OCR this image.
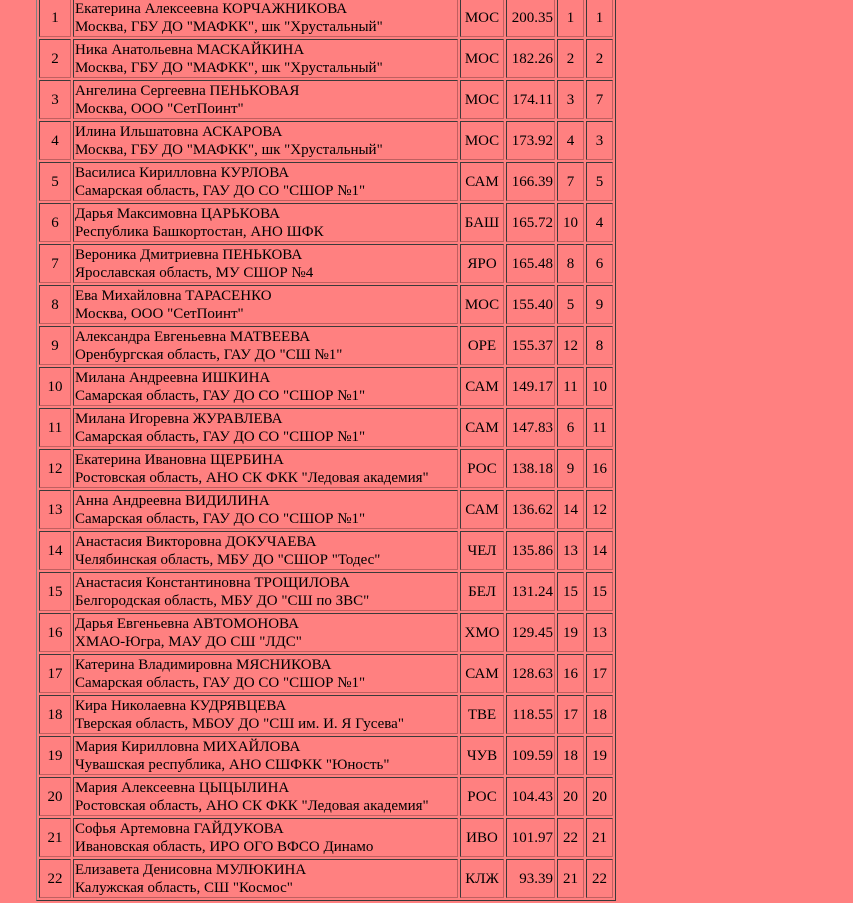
1	Екатерина Алексеевна КОРЧАЖНИКОВА
Москва, ГБУ ДО "МАФКК", шк "Хрустальный"	МОС	200.35	1	1
2	Ника Анатольевна МАСКАЙКИНА
Москва, ГБУ ДО "МАФКК", шк "Хрустальный"	МОС	182.26	2	2
3	Ангелина Сергеевна ПЕНЬКОВАЯ
Москва, ООО "СетПоинт"	МОС	174.11	3	7
4	Илина Ильшатовна АСКАРОВА
Москва, ГБУ ДО "МАФКК", шк "Хрустальный"	МОС	173.92	4	3
5	Василиса Кирилловна КУРЛОВА
Самарская область, ГАУ ДО СО "СШОР №1"	САМ	166.39	7	5
6	Дарья Максимовна ЦАРЬКОВА
Республика Башкортостан, АНО ШФК	БАШ	165.72	10	4
7	Вероника Дмитриевна ПЕНЬКОВА
Ярославская область, МУ СШОР №4	ЯРО	165.48	8	6
8	Ева Михайловна ТАРАСЕНКО
Москва, ООО "СетПоинт"	МОС	155.40	5	9
9	Александра Евгеньевна МАТВЕЕВА
Оренбургская область, ГАУ ДО "СШ №1"	ОРЕ	155.37	12	8
10	Милана Андреевна ИШКИНА
Самарская область, ГАУ ДО СО "СШОР №1"	САМ	149.17	11	10
11	Милана Игоревна ЖУРАВЛЕВА
Самарская область, ГАУ ДО СО "СШОР №1"	САМ	147.83	6	11
12	Екатерина Ивановна ЩЕРБИНА
Ростовская область, АНО СК ФКК "Ледовая академия"	РОС	138.18	9	16
13	Анна Андреевна ВИДИЛИНА
Самарская область, ГАУ ДО СО "СШОР №1"	САМ	136.62	14	12
14	Анастасия Викторовна ДОКУЧАЕВА
Челябинская область, МБУ ДО "СШОР "Тодес"	ЧЕЛ	135.86	13	14
15	Анастасия Константиновна ТРОЩИЛОВА
Белгородская область, МБУ ДО "СШ по ЗВС"	БЕЛ	131.24	15	15
16	Дарья Евгеньевна АВТОМОНОВА
ХМАО-Югра, МАУ ДО СШ "ЛДС"	ХМО	129.45	19	13
17	Катерина Владимировна МЯСНИКОВА
Самарская область, ГАУ ДО СО "СШОР №1"	САМ	128.63	16	17
18	Кира Николаевна КУДРЯВЦЕВА
Тверская область, МБОУ ДО "СШ им. И. Я Гусева"	ТВЕ	118.55	17	18
19	Мария Кирилловна МИХАЙЛОВА
Чувашская республика, АНО СШФКК "Юность"	ЧУВ	109.59	18	19
20	Мария Алексеевна ЦЫЦЫЛИНА
Ростовская область, АНО СК ФКК "Ледовая академия"	РОС	104.43	20	20
21	Софья Артемовна ГАЙДУКОВА
Ивановская область, ИРО ОГО ВФСО Динамо	ИВО	101.97	22	21
22	Елизавета Денисовна МУЛЮКИНА
Калужская область, СШ "Космос"	КЛЖ	93.39	21	22
